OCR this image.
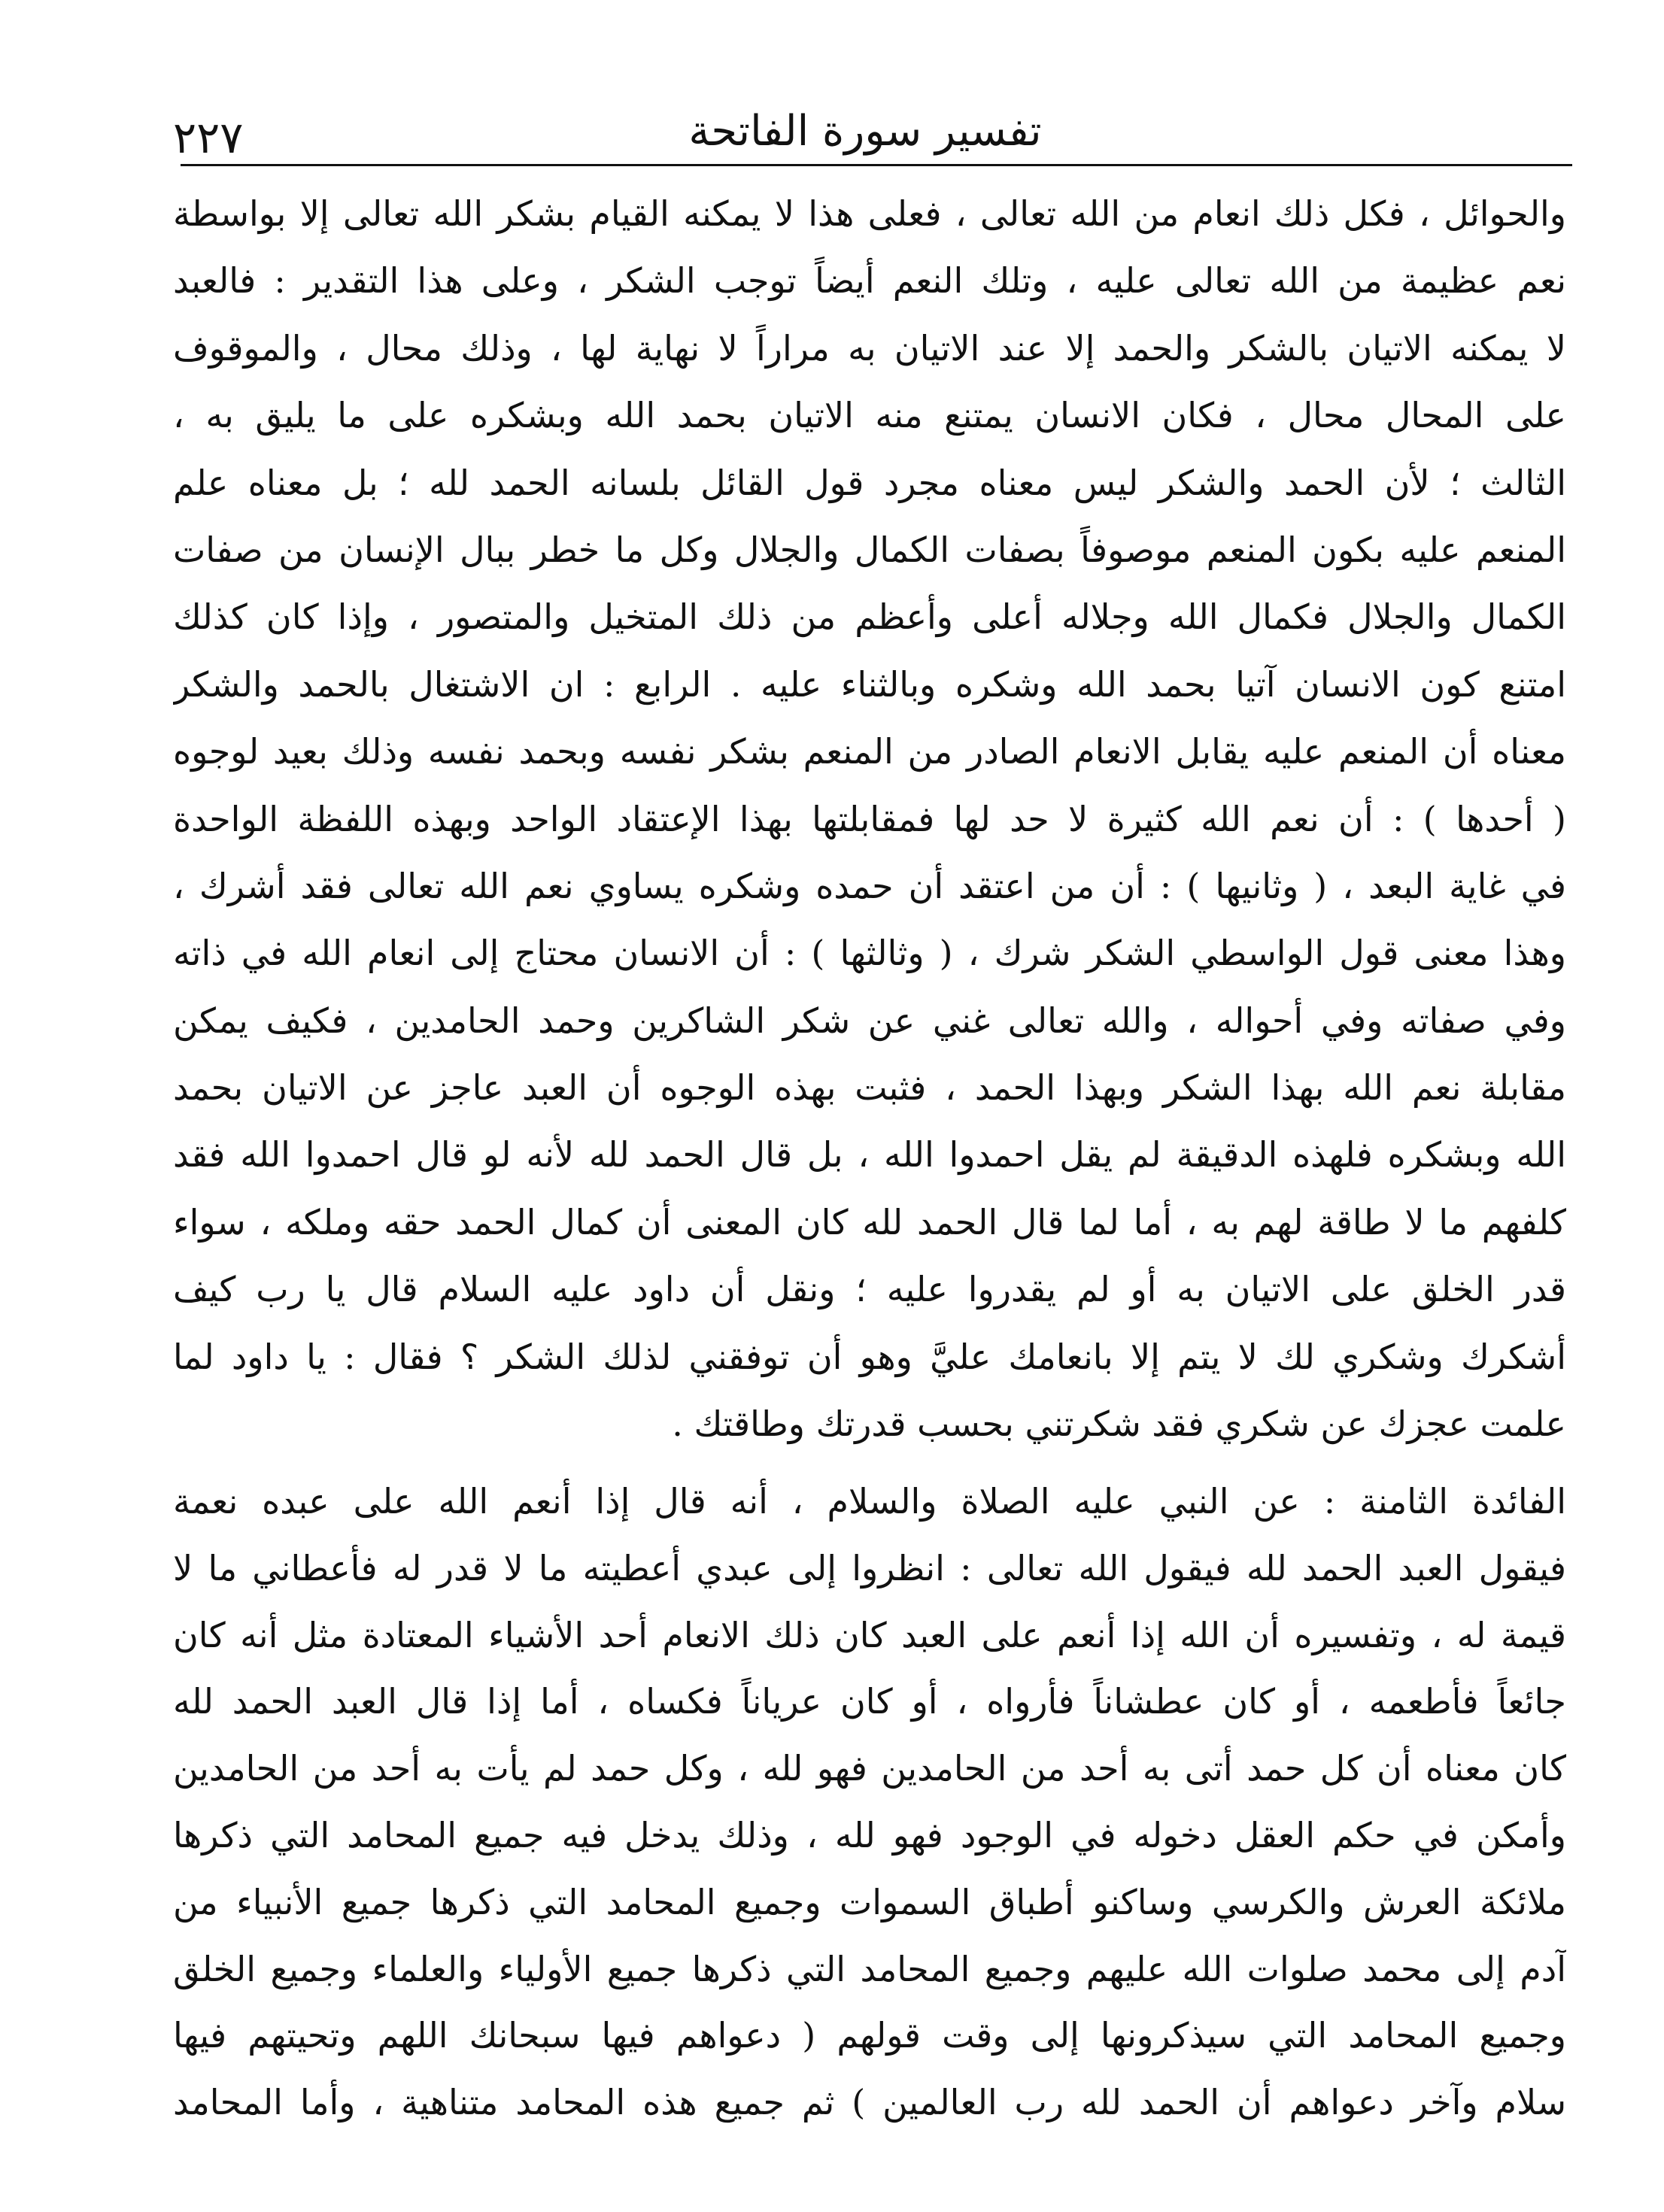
٢٢٧	تفسير سورة الفاتحة
والحوائل ، فكل ذلك انعام من الله تعالى ، فعلى هذا لا يمكنه القيام بشكر الله تعالى إلا بواسطة
نعم عظيمة من الله تعالى عليه ، وتلك النعم أيضاً توجب الشكر ، وعلى هذا التقدير : فالعبد
لا يمكنه الاتيان بالشكر والحمد إلا عند الاتيان به مراراً لا نهاية لها ، وذلك محال ، والموقوف
على المحال محال ، فكان الانسان يمتنع منه الاتيان بحمد الله وبشكره على ما يليق به ،
الثالث ؛ لأن الحمد والشكر ليس معناه مجرد قول القائل بلسانه الحمد لله ؛ بل معناه علم
المنعم عليه بكون المنعم موصوفاً بصفات الكمال والجلال وكل ما خطر ببال الإنسان من صفات
الكمال والجلال فكمال الله وجلاله أعلى وأعظم من ذلك المتخيل والمتصور ، وإذا كان كذلك
امتنع كون الانسان آتيا بحمد الله وشكره وبالثناء عليه . الرابع : ان الاشتغال بالحمد والشكر
معناه أن المنعم عليه يقابل الانعام الصادر من المنعم بشكر نفسه وبحمد نفسه وذلك بعيد لوجوه
( أحدها ) : أن نعم الله كثيرة لا حد لها فمقابلتها بهذا الإعتقاد الواحد وبهذه اللفظة الواحدة
في غاية البعد ، ( وثانيها ) : أن من اعتقد أن حمده وشكره يساوي نعم الله تعالى فقد أشرك ،
وهذا معنى قول الواسطي الشكر شرك ، ( وثالثها ) : أن الانسان محتاج إلى انعام الله في ذاته
وفي صفاته وفي أحواله ، والله تعالى غني عن شكر الشاكرين وحمد الحامدين ، فكيف يمكن
مقابلة نعم الله بهذا الشكر وبهذا الحمد ، فثبت بهذه الوجوه أن العبد عاجز عن الاتيان بحمد
الله وبشكره فلهذه الدقيقة لم يقل احمدوا الله ، بل قال الحمد لله لأنه لو قال احمدوا الله فقد
كلفهم ما لا طاقة لهم به ، أما لما قال الحمد لله كان المعنى أن كمال الحمد حقه وملكه ، سواء
قدر الخلق على الاتيان به أو لم يقدروا عليه ؛ ونقل أن داود عليه السلام قال يا رب كيف
أشكرك وشكري لك لا يتم إلا بانعامك عليَّ وهو أن توفقني لذلك الشكر ؟ فقال : يا داود لما
علمت عجزك عن شكري فقد شكرتني بحسب قدرتك وطاقتك .
الفائدة الثامنة : عن النبي عليه الصلاة والسلام ، أنه قال إذا أنعم الله على عبده نعمة
فيقول العبد الحمد لله فيقول الله تعالى : انظروا إلى عبدي أعطيته ما لا قدر له فأعطاني ما لا
قيمة له ، وتفسيره أن الله إذا أنعم على العبد كان ذلك الانعام أحد الأشياء المعتادة مثل أنه كان
جائعاً فأطعمه ، أو كان عطشاناً فأرواه ، أو كان عرياناً فكساه ، أما إذا قال العبد الحمد لله
كان معناه أن كل حمد أتى به أحد من الحامدين فهو لله ، وكل حمد لم يأت به أحد من الحامدين
وأمكن في حكم العقل دخوله في الوجود فهو لله ، وذلك يدخل فيه جميع المحامد التي ذكرها
ملائكة العرش والكرسي وساكنو أطباق السموات وجميع المحامد التي ذكرها جميع الأنبياء من
آدم إلى محمد صلوات الله عليهم وجميع المحامد التي ذكرها جميع الأولياء والعلماء وجميع الخلق
وجميع المحامد التي سيذكرونها إلى وقت قولهم ( دعواهم فيها سبحانك اللهم وتحيتهم فيها
سلام وآخر دعواهم أن الحمد لله رب العالمين ) ثم جميع هذه المحامد متناهية ، وأما المحامد
